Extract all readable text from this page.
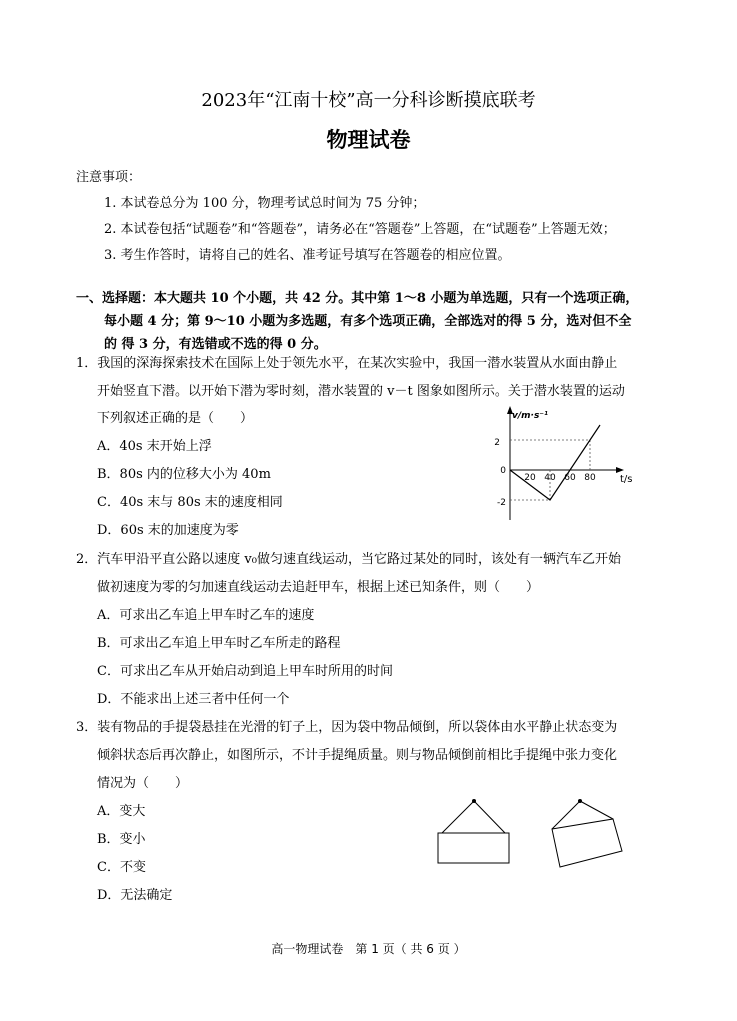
2023年“江南十校”高一分科诊断摸底联考
物理试卷
注意事项：
1. 本试卷总分为 100 分，物理考试总时间为 75 分钟；
2. 本试卷包括“试题卷”和“答题卷”，请务必在“答题卷”上答题，在“试题卷”上答题无效；
3. 考生作答时，请将自己的姓名、准考证号填写在答题卷的相应位置。
一、选择题：本大题共 10 个小题，共 42 分。其中第 1～8 小题为单选题，只有一个选项正确，
每小题 4 分；第 9～10 小题为多选题，有多个选项正确，全部选对的得 5 分，选对但不全
的 得 3 分，有选错或不选的得 0 分。
1．我国的深海探索技术在国际上处于领先水平，在某次实验中，我国一潜水装置从水面由静止
开始竖直下潜。以开始下潜为零时刻，潜水装置的 v－t 图象如图所示。关于潜水装置的运动
下列叙述正确的是（　　）
A．40s 末开始上浮
B．80s 内的位移大小为 40m
C．40s 末与 80s 末的速度相同
D．60s 末的加速度为零
v/m·s⁻¹
t/s
2
0
-2
20 40 60 80
2．汽车甲沿平直公路以速度 v₀做匀速直线运动，当它路过某处的同时，该处有一辆汽车乙开始
做初速度为零的匀加速直线运动去追赶甲车，根据上述已知条件，则（　　）
A．可求出乙车追上甲车时乙车的速度
B．可求出乙车追上甲车时乙车所走的路程
C．可求出乙车从开始启动到追上甲车时所用的时间
D．不能求出上述三者中任何一个
3．装有物品的手提袋悬挂在光滑的钉子上，因为袋中物品倾倒，所以袋体由水平静止状态变为
倾斜状态后再次静止，如图所示，不计手提绳质量。则与物品倾倒前相比手提绳中张力变化
情况为（　　）
A．变大
B．变小
C．不变
D．无法确定
高一物理试卷　第 1 页（ 共 6 页 ）
